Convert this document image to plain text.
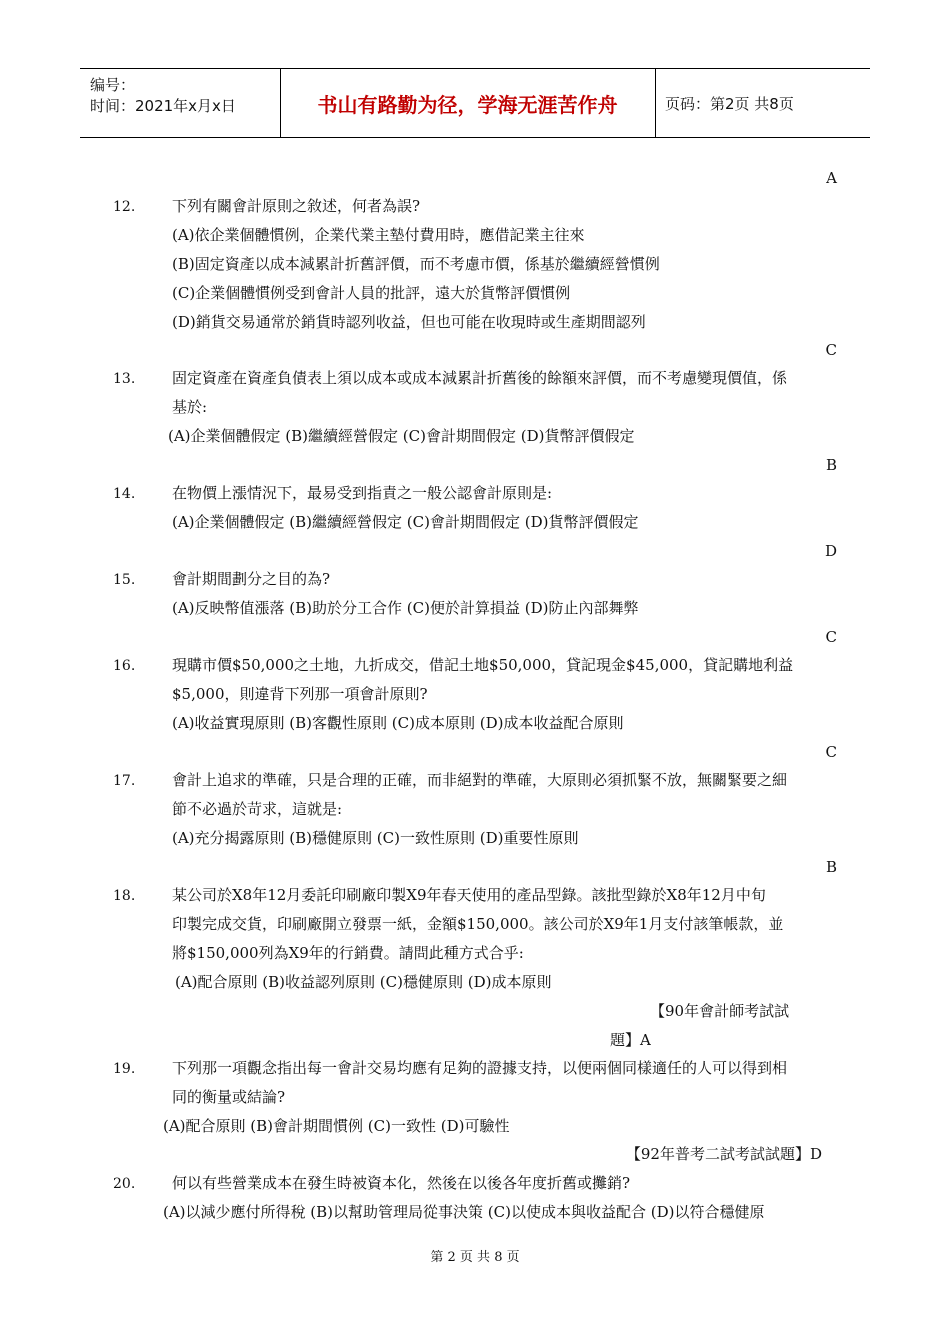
编号：
时间：2021年x月x日	书山有路勤为径，学海无涯苦作舟	页码：第2页 共8页
A
12. 下列有關會計原則之敘述，何者為誤?
(A)依企業個體慣例，企業代業主墊付費用時，應借記業主往來
(B)固定資產以成本減累計折舊評價，而不考慮市價，係基於繼續經營慣例
(C)企業個體慣例受到會計人員的批評，遠大於貨幣評價慣例
(D)銷貨交易通常於銷貨時認列收益，但也可能在收現時或生產期間認列
C
13. 固定資產在資產負債表上須以成本或成本減累計折舊後的餘額來評價，而不考慮變現價值，係
基於:
(A)企業個體假定 (B)繼續經營假定 (C)會計期間假定 (D)貨幣評價假定
B
14. 在物價上漲情況下，最易受到指責之一般公認會計原則是:
(A)企業個體假定 (B)繼續經營假定 (C)會計期間假定 (D)貨幣評價假定
D
15. 會計期間劃分之目的為?
(A)反映幣值漲落 (B)助於分工合作 (C)便於計算損益 (D)防止內部舞弊
C
16. 現購市價$50,000之土地，九折成交，借記土地$50,000，貸記現金$45,000，貸記購地利益
$5,000，則違背下列那一項會計原則?
(A)收益實現原則 (B)客觀性原則 (C)成本原則 (D)成本收益配合原則
C
17. 會計上追求的準確，只是合理的正確，而非絕對的準確，大原則必須抓緊不放，無關緊要之細
節不必過於苛求，這就是:
(A)充分揭露原則 (B)穩健原則 (C)一致性原則 (D)重要性原則
B
18. 某公司於X8年12月委託印刷廠印製X9年春天使用的產品型錄。該批型錄於X8年12月中旬
印製完成交貨，印刷廠開立發票一紙，金額$150,000。該公司於X9年1月支付該筆帳款，並
將$150,000列為X9年的行銷費。請問此種方式合乎:
(A)配合原則 (B)收益認列原則 (C)穩健原則 (D)成本原則
【90年會計師考試試
題】A
19. 下列那一項觀念指出每一會計交易均應有足夠的證據支持，以便兩個同樣適任的人可以得到相
同的衡量或結論?
(A)配合原則 (B)會計期間慣例 (C)一致性 (D)可驗性
【92年普考二試考試試題】D
20. 何以有些營業成本在發生時被資本化，然後在以後各年度折舊或攤銷?
(A)以減少應付所得稅 (B)以幫助管理局從事決策 (C)以使成本與收益配合 (D)以符合穩健原
第 2 页 共 8 页
